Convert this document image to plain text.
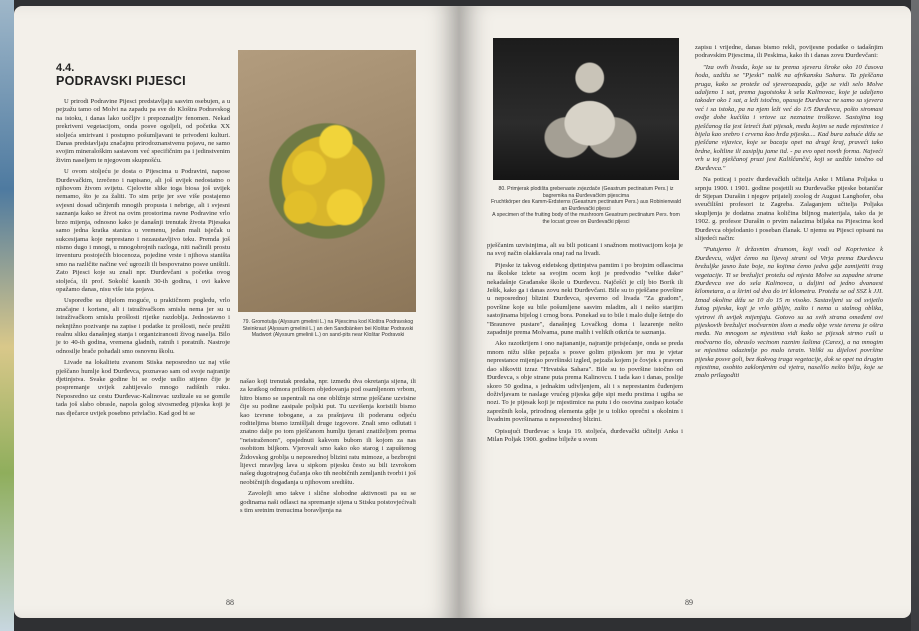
4.4.
PODRAVSKI PIJESCI

U prirodi Podravine Pijesci predstavljaju sasvim osebujen, a u pejzažu tamo od Molvi na zapadu pa sve do Kloštra Podravskog na istoku, i danas lako uočljiv i prepoznatljiv fenomen. Nekad prekriveni vegetacijom, onda posve ogoljeli, od početka XX stoljeća smirivani i postupno pošumljavani te privođeni kulturi. Danas predstavljaju značajnu prirodoznanstvenu pojavu, ne samo svojim mineraloškim sastavom već specifičnim pa i jedinstvenim živim naseljem te njegovom skupnošću.

U ovom stoljeću je dosta o Pijescima u Podravini, napose Đurđevačkim, izrečeno i napisano, ali još uvijek nedostatno o njihovom živom svijetu. Cjelovite slike toga biosa još uvijek nemamo, što je za žaliti. To sim prije jer sve više postajemo svjesni dosad učinjenih mnogih propusta i nebrige, ali i svjesni saznanja kako se život na ovim prostorima ravne Podravine vrlo brzo mijenja, odnosno kako je današnji trenutak života Pijesaka samo jedna kratka stanica u vremenu, jedan mali isječak u sukcesijama koje neprestano i nezaustavljivo teku. Premda još nismo dugo i mnogi, u mnogobrojnih razloga, niti načinili prostu inventuru postojećih biocenoza, pojedine vrste i njihova staništa smo na različite načine već ugrozili ili bespovratno posve uništili. Zato Pijesci koje su znali npr. Đurđevčani s početka ovog stoljeća, ili prof. Sokolić kasnih 30-ih godina, i ovi kakve opažamo danas, nisu više ista pojava.

Usporedbe su dijelom moguće, u praktičnom pogledu, vrlo značajne i korisne, ali i istraživačkom smislu nema jer su u istraživačkom smislu prošlosti rijetke razdoblja. Jednostavno i neknjižno pozivanje na zapise i podatke iz prošlosti, neće pružiti realnu sliku današnjeg stanja i organiziranosti živog naselja. Bilo je to 40-ih godina, vremena gladnih, ratnih i poratnih. Nastroje odnosilje brače pohađali smo osnovnu školu.

Livade na lokalitetu zvanom Stiska neposredno uz naj više pješčano humlje kod Đurđevca, poznavao sam od svoje najranije djetinjstva. Svake godine bi se ovdje usilio stijeno čije je pospremanje uvijek zahtijevalo mnogo radišnih ruku. Neposredno uz cestu Đurđevac-Kalinovac uzdizale su se gomile tada još slabo obrasle, napola golog sivosmeđeg pijeska koji je nas dječarce uvijek posebno privlačio. Kad god bi se

79. Gromotulja (Alyssum gmelinii L.) na Pijescima kod Kloštra Podravskog
Steinkraut (Alyssum gmelinii L.) an den Sandbänken bei Kloštar Podravski
Madwort (Alyssum gmelinii L.) on sand-pits near Kloštar Podravski

našao koji trenutak predaha, npr. između dva okretanja sijena, ili za kratkog odmora prilikom objedovanja pod osamljenom vrbom, hitro bismo se uspentrali na one obližnje strme pješčane uzvisine čije su podine zasipale poljski put. Tu uzvišenja koristili bismo kao izvrsne tobogane, a za prašnjavu ili poderanu odjeću roditeljima bismo izmišljali druge izgovore. Znali smo odlutati i znatno dalje po tom pješčanom humlju tjerani znatiželjom prema "neistraženom", opsjednuti kakvom bubom ili kojom za nas osobitom biljkom. Vjerovali smo kako oko starog i zapuštenog Židovskog groblja u neposrednoj blizini ratu mimoze, a bezbrojni lijevci mravljeg lava u sipkom pijesku često su bili izvrokom našeg dugotrajnog čučanja oko tih neobičnih zemljanih tvorbi i još neobičnijih događanja u njihovom središtu.

Zavolejli smo takve i slične slobodne aktivnosti pa su se godinama naši odlasci na spremanje sijena u Stisku poistovjećivali s tim sretnim trenucima boravljenja na

88
80. Primjerak plodišta grebenaste zvjezdače (Geastrum pectinatum Pers.) iz bagremika na Đurđevačkim pijescima
Fruchtkörper des Kamm-Erdsterns (Geastrum pectinatum Pers.) aus Robinienwald an Đurđevački pijesci
A specimen of the fruiting body of the mushroom Geastrum pectinatum Pers. from the locust grove on Đurđevački pijesci

pješčanim uzvisinjima, ali su bili poticani i snažnom motivacijom koja je na svoj način olakšavala onaj rad na livadi.

Pijeske iz takvog eidetskog djetinjstva pamtim i po brojnim odlascima na školske izlete sa svojim ocem koji je predvodio "velike đake" nekadašnje Građanske škole u Đurđevcu. Najčešći je cilj bio Borik ili Ješik, kako ga i danas zovu neki Đurđevčani. Bile su to pješčane površine u neposrednoj blizini Đurđevca, sjeverno od livada "Za gradom", površine koje su bile pošumljene sasvim mladim, ali i nešto starijim sastojinama bijelog i crnog bora. Ponekad su to bile i malo dulje šetnje do "Braunove pustare", današnjeg Lovačkog doma i lazarenje nešto zapadnije prema Molvama, pune malih i velikih otkrića te saznanja.

Ako razotkrijem i ono najtananije, najranije prisjećanje, onda se preda mnom nižu slike pejzaža s posve golim pijeskom jer mu je vjetar neprestance mijenjao površinski izgled, pejzaža kojem je čovjek s pravom dao slikoviti izraz "Hrvatska Sahara". Bile su to površine istočno od Đurđevca, s obje strane puta prema Kalinovcu. I tada kao i danas, poslije skoro 50 godina, s jednakim udivljenjem, ali i s neprestanim čuđenjem doživljavam te naslage vrućeg pijeska gdje sipi među prstima i ugiba se nozi. To je pijesak koji je mjestimice na putu i do osovina zasipao kotače zaprežnih kola, prirodnog elementa gdje je u toliko oprečni s okolnim i livadnim površinama u neposrednoj blizini.

Opisujući Đurđevac s kraja 19. stoljeća, đurđevački učitelji Anka i Milan Poljak 1900. godine bilježe u svom

zapisu i vrijedne, danas bismo rekli, povijesne podatke o tadašnjim podravskim Pijescima, ili Peskima, kako ih i danas zovu Đurđevčani:

"Iza ovih livada, koje su tu prema sjeveru široke oko 10 časova hoda, uzdižu se "Pjeski" nalik na afrikansku Saharu. Ta pješčana pruga, kako se proteže od sjeverozapada, gdje se vidi selo Molve udaljeno 1 sat, prema jugoistoku k selu Kalinovac, koje je udaljeno takoder oko 1 sat, a leži istočno, opasuje Đurđevac ne samo sa sjevera već i sa istoka, pa na njem leži već do 1/5 Đurđevca, pošto siromasi ovdje dobe kućišta i vrtove uz neznatne troškove. Sastojina tog pješčanog tla jest letreći žuti pijesak, među kojim se nađe mjestimice i bijela kao srebro i crvena kao hrđa pijeska.... Kad bura zahuće dižu se pješčane vijavice, koje se bacaju opet na drugi kraj, praveći tako brdne, koltline ili zasiplju jame itd. - pa evo opet novih forma. Najveći vrh u toj pješčanoj pruzi jest Kališčančić, koji se uzdiže istočno od Đurđevca."

Na poticaj i poziv đurđevačkih učitelja Anke i Milana Poljaka u srpnju 1900. i 1901. godine posjetili su Đurđevačke pijeske botaničar dr Stjepan Durašin i njegov prijatelj zoolog dr August Langhofer, oba sveučilišni profesori iz Zagreba. Zalaganjem učitelja Poljaka skupljenja je dodatna znatna količina biljnog materijala, tako da je 1902. g. profesor Durašin o prvim nalazima biljaka na Pijescima kod Đurđevca objelodanio i poseban članak. U njemu su Pijesci opisani na slijedeći način:

"Putujemo li državnim drumom, koji vodi od Koprivnice k Đurđevcu, vidjet ćemo na lijevoj strani od Virja prema Đurđevcu brežuljke jasno žute boje, na kojima ćemo jedva gdje zamijetiti trag vegetacije. Ti se brežuljci protežu od mjesta Molve sa zapadne strane Đurđevca sve do sela Kalinovca, u duljini od jedno dvanaest kilometara, a u širini od dva do tri kilometra. Protežu se od SSZ k JJI. Iznad okoline dižu se 10 do 15 m visoko. Sastavljeni su od svijetlo žutog pijeska, koji je vrlo gibljiv, zašto i nema u stalnog oblika, vjetrovi ih uvijek mijenjaju. Gotovo su sa svih strana omeđeni ovi pijeskovih brežuljci močvarnim tlom a među obje vrste terenu je oštra međa. Na mnogom se mjestima vidi kako se pijesak strmo ruši u močvarno tlo, obraslo vecinom raznim šašima (Carex), a na mnogim se mjestima odazimlje po malo terain. Veliki su dijelovi površine pijeska posve goli, bez ikakvog traga vegetacije, dok se opet na drugim mjestima, osobito zaklonjenim od vjetra, naselilo nešto bilja, koje se znalo prilagoditi

89
